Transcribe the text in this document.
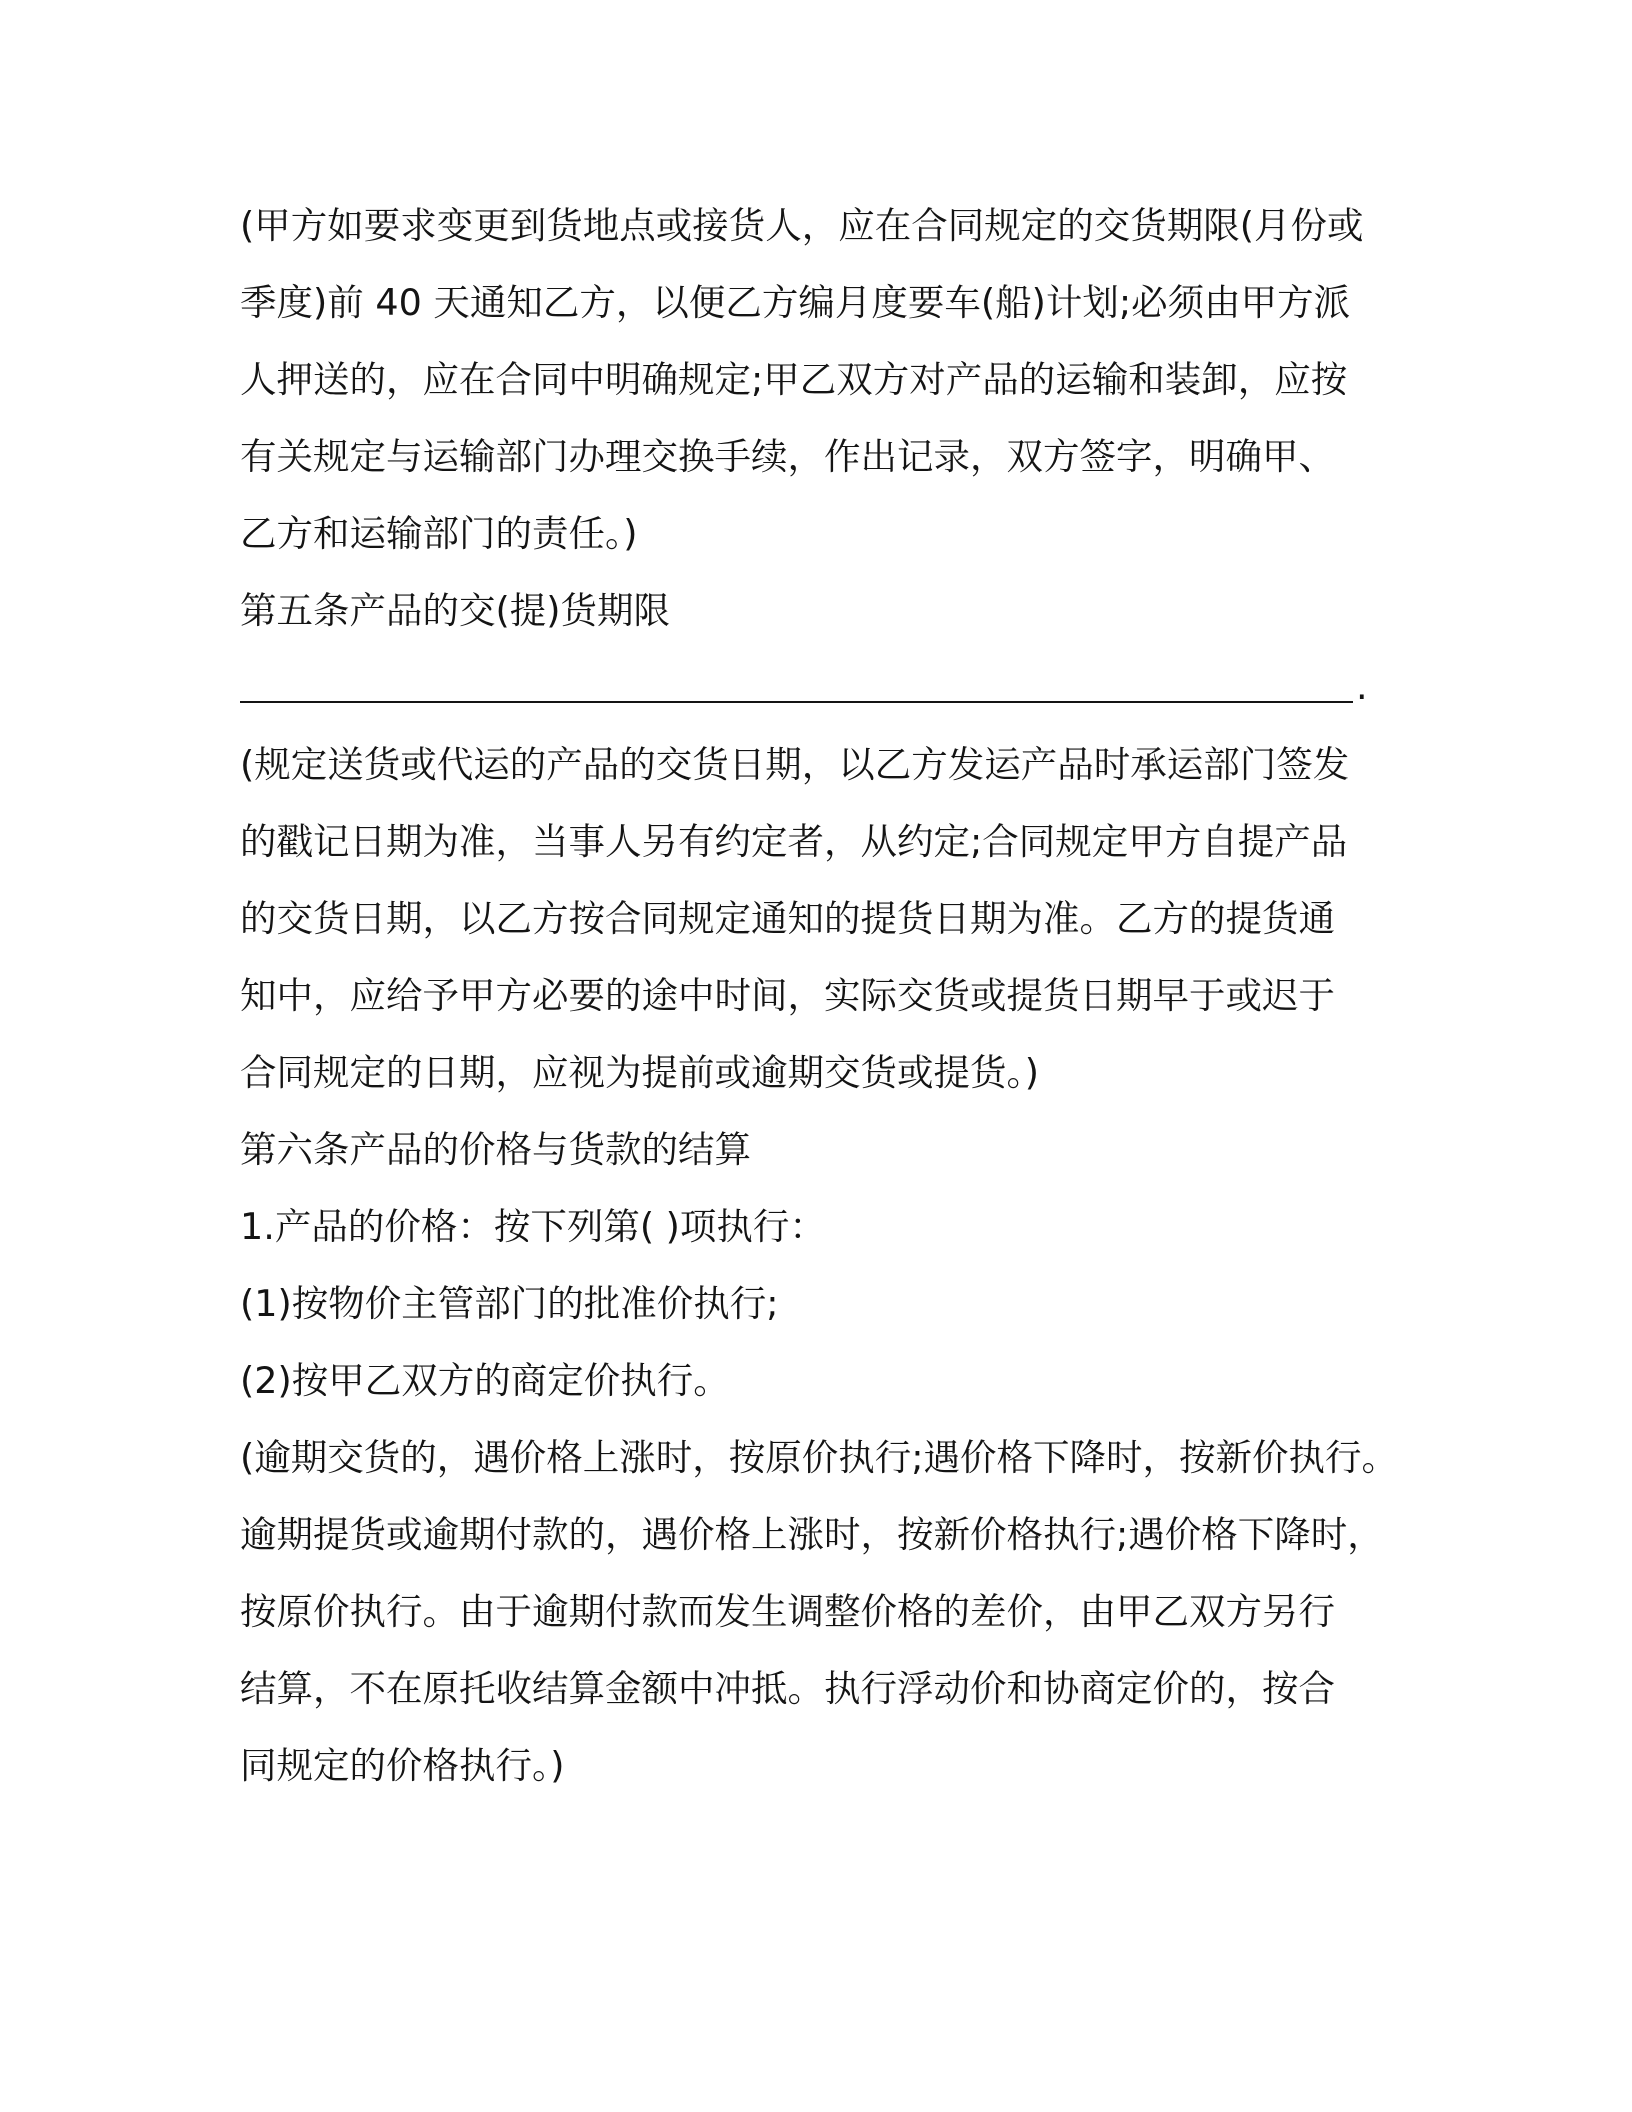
(甲方如要求变更到货地点或接货人，应在合同规定的交货期限(月份或
季度)前 40 天通知乙方，以便乙方编月度要车(船)计划;必须由甲方派
人押送的，应在合同中明确规定;甲乙双方对产品的运输和装卸，应按
有关规定与运输部门办理交换手续，作出记录，双方签字，明确甲、
乙方和运输部门的责任。)
第五条产品的交(提)货期限
.
(规定送货或代运的产品的交货日期，以乙方发运产品时承运部门签发
的戳记日期为准，当事人另有约定者，从约定;合同规定甲方自提产品
的交货日期，以乙方按合同规定通知的提货日期为准。乙方的提货通
知中，应给予甲方必要的途中时间，实际交货或提货日期早于或迟于
合同规定的日期，应视为提前或逾期交货或提货。)
第六条产品的价格与货款的结算
1.产品的价格：按下列第( )项执行：
(1)按物价主管部门的批准价执行;
(2)按甲乙双方的商定价执行。
(逾期交货的，遇价格上涨时，按原价执行;遇价格下降时，按新价执行。
逾期提货或逾期付款的，遇价格上涨时，按新价格执行;遇价格下降时，
按原价执行。由于逾期付款而发生调整价格的差价，由甲乙双方另行
结算，不在原托收结算金额中冲抵。执行浮动价和协商定价的，按合
同规定的价格执行。)
